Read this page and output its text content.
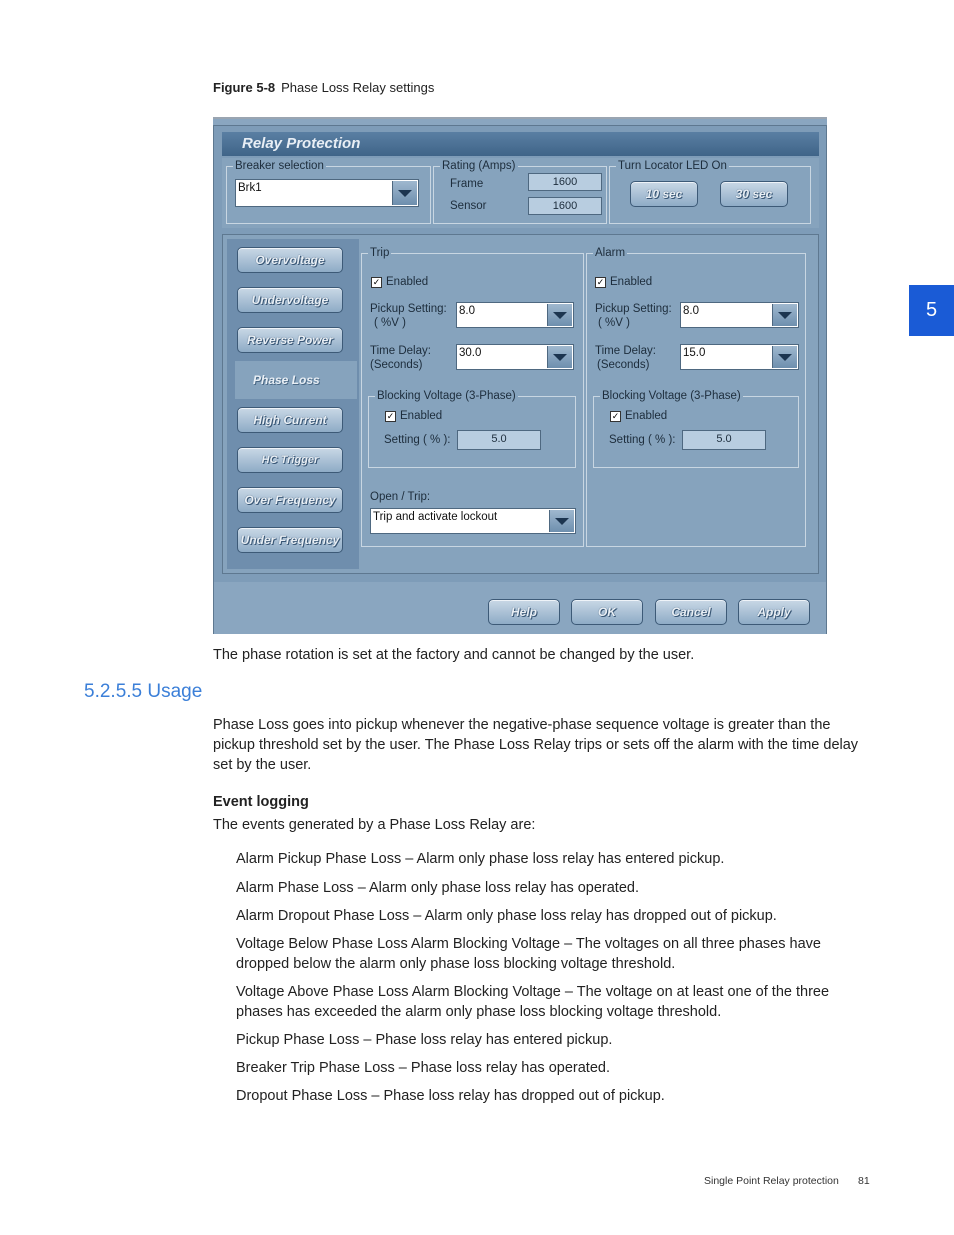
Figure 5-8 Phase Loss Relay settings
5
Relay Protection
Breaker selection
Brk1
Rating (Amps)
Frame	1600
Sensor	1600
Turn Locator LED On
10 sec	30 sec
Overvoltage
Undervoltage
Reverse Power
Phase Loss
High Current
HC Trigger
Over Frequency
Under Frequency
Trip
✓ Enabled
Pickup Setting:
( %V )
8.0
Time Delay:
(Seconds)
30.0
Blocking Voltage (3-Phase)
✓ Enabled
Setting ( % ):	5.0
Open / Trip:
Trip and activate lockout
Alarm
✓ Enabled
Pickup Setting:
( %V )
8.0
Time Delay:
(Seconds)
15.0
Blocking Voltage (3-Phase)
✓ Enabled
Setting ( % ):	5.0
Help	OK	Cancel	Apply
The phase rotation is set at the factory and cannot be changed by the user.
5.2.5.5 Usage
Phase Loss goes into pickup whenever the negative-phase sequence voltage is greater than the pickup threshold set by the user. The Phase Loss Relay trips or sets off the alarm with the time delay set by the user.
Event logging
The events generated by a Phase Loss Relay are:
Alarm Pickup Phase Loss – Alarm only phase loss relay has entered pickup.
Alarm Phase Loss – Alarm only phase loss relay has operated.
Alarm Dropout Phase Loss – Alarm only phase loss relay has dropped out of pickup.
Voltage Below Phase Loss Alarm Blocking Voltage – The voltages on all three phases have dropped below the alarm only phase loss blocking voltage threshold.
Voltage Above Phase Loss Alarm Blocking Voltage – The voltage on at least one of the three phases has exceeded the alarm only phase loss blocking voltage threshold.
Pickup Phase Loss – Phase loss relay has entered pickup.
Breaker Trip Phase Loss – Phase loss relay has operated.
Dropout Phase Loss – Phase loss relay has dropped out of pickup.
Single Point Relay protection 81
